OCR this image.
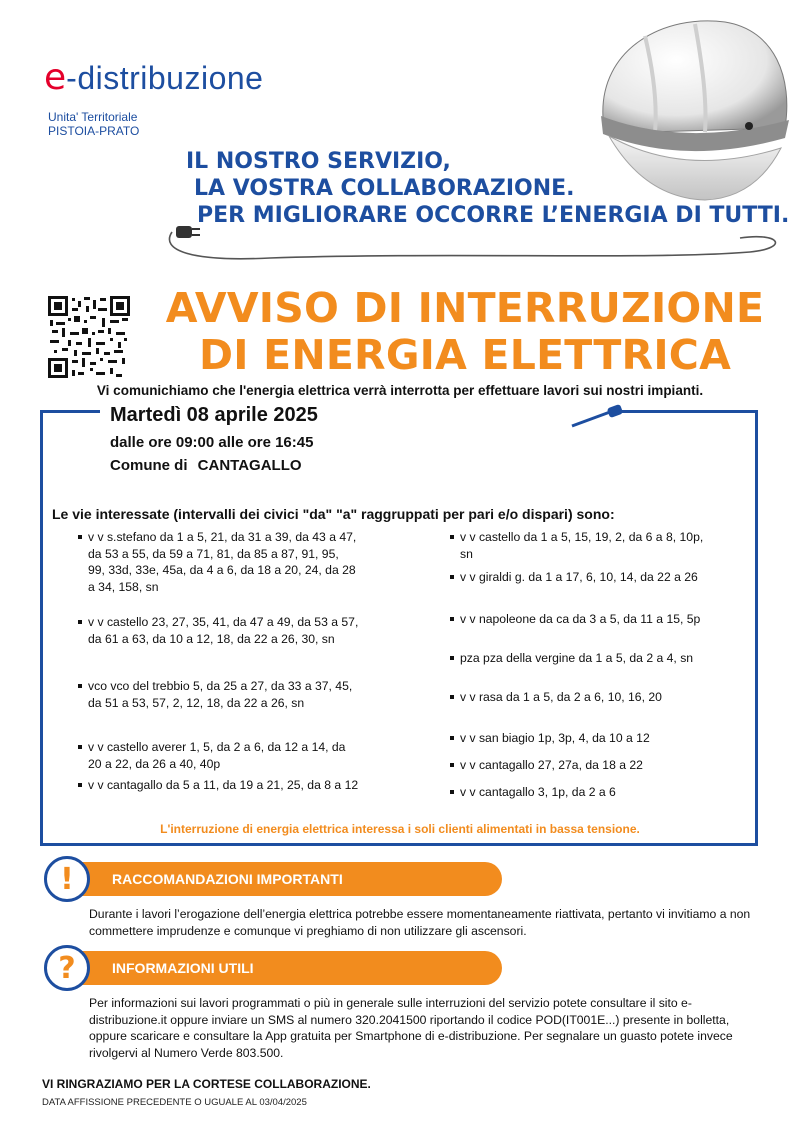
e -distribuzione
Unita' Territoriale
PISTOIA-PRATO
IL NOSTRO SERVIZIO,
LA VOSTRA COLLABORAZIONE.
PER MIGLIORARE OCCORRE L’ENERGIA DI TUTTI.
AVVISO DI INTERRUZIONE
DI ENERGIA ELETTRICA
Vi comunichiamo che l'energia elettrica verrà interrotta per effettuare lavori sui nostri impianti.
Martedì 08 aprile 2025
dalle ore 09:00 alle ore 16:45
Comune di CANTAGALLO
Le vie interessate (intervalli dei civici "da" "a" raggruppati per pari e/o dispari) sono:
v v s.stefano da 1 a 5, 21, da 31 a 39, da 43 a 47, da 53 a 55, da 59 a 71, 81, da 85 a 87, 91, 95, 99, 33d, 33e, 45a, da 4 a 6, da 18 a 20, 24, da 28 a 34, 158, sn
v v castello 23, 27, 35, 41, da 47 a 49, da 53 a 57, da 61 a 63, da 10 a 12, 18, da 22 a 26, 30, sn
vco vco del trebbio 5, da 25 a 27, da 33 a 37, 45, da 51 a 53, 57, 2, 12, 18, da 22 a 26, sn
v v castello averer 1, 5, da 2 a 6, da 12 a 14, da 20 a 22, da 26 a 40, 40p
v v cantagallo da 5 a 11, da 19 a 21, 25, da 8 a 12
v v castello da 1 a 5, 15, 19, 2, da 6 a 8, 10p, sn
v v giraldi g. da 1 a 17, 6, 10, 14, da 22 a 26
v v napoleone da ca da 3 a 5, da 11 a 15, 5p
pza pza della vergine da 1 a 5, da 2 a 4, sn
v v rasa da 1 a 5, da 2 a 6, 10, 16, 20
v v san biagio 1p, 3p, 4, da 10 a 12
v v cantagallo 27, 27a, da 18 a 22
v v cantagallo 3, 1p, da 2 a 6
L'interruzione di energia elettrica interessa i soli clienti alimentati in bassa tensione.
!	RACCOMANDAZIONI IMPORTANTI
Durante i lavori l’erogazione dell’energia elettrica potrebbe essere momentaneamente riattivata, pertanto vi invitiamo a non commettere imprudenze e comunque vi preghiamo di non utilizzare gli ascensori.
?	INFORMAZIONI UTILI
Per informazioni sui lavori programmati o più in generale sulle interruzioni del servizio potete consultare il sito e-distribuzione.it oppure inviare un SMS al numero 320.2041500 riportando il codice POD(IT001E...) presente in bolletta, oppure scaricare e consultare la App gratuita per Smartphone di e-distribuzione. Per segnalare un guasto potete invece rivolgervi al Numero Verde 803.500.
VI RINGRAZIAMO PER LA CORTESE COLLABORAZIONE.
DATA AFFISSIONE PRECEDENTE O UGUALE AL 03/04/2025
